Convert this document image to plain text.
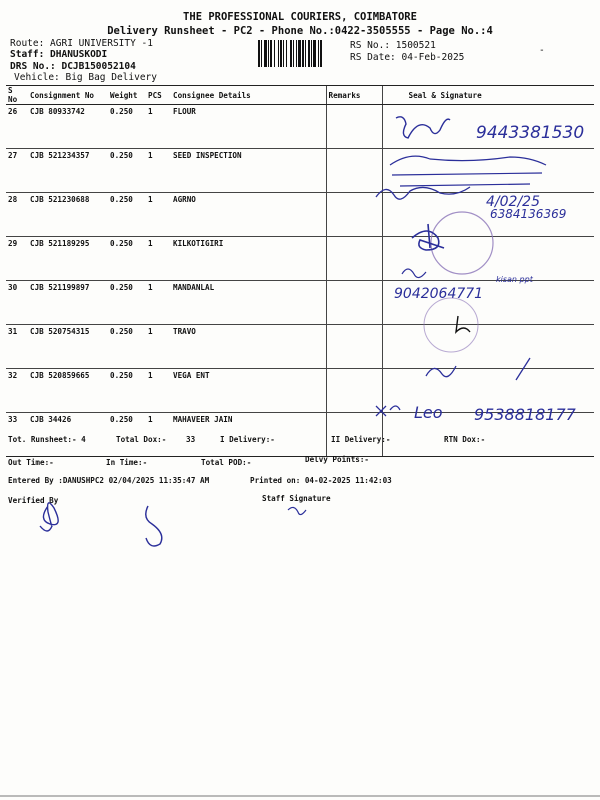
THE PROFESSIONAL COURIERS, COIMBATORE
Delivery Runsheet - PC2 - Phone No.:0422-3505555 - Page No.:4
Route: AGRI UNIVERSITY -1
Staff: DHANUSKODI
DRS No.: DCJB150052104
Vehicle: Big Bag Delivery
RS No.: 1500521
RS Date: 04-Feb-2025
-
S No	Consignment No	Weight	PCS	Consignee Details	Remarks	Seal & Signature
26	CJB 80933742	0.250	1	FLOUR		
27	CJB 521234357	0.250	1	SEED INSPECTION		
28	CJB 521230688	0.250	1	AGRNO		
29	CJB 521189295	0.250	1	KILKOTIGIRI		
30	CJB 521199897	0.250	1	MANDANLAL		
31	CJB 520754315	0.250	1	TRAVO		
32	CJB 520859665	0.250	1	VEGA ENT		
33	CJB 34426	0.250	1	MAHAVEER JAIN		
Tot. Runsheet:- 4	Total Dox:-	33	I Delivery:-	II Delivery:-	RTN Dox:-
Out Time:-	In Time:-	Total POD:-	Delvy Points:-
Entered By :DANUSHPC2 02/04/2025 11:35:47 AM	Printed on: 04-02-2025 11:42:03
Verified By	Staff Signature
9443381530
4/02/25
6384136369
kisan ppt
9042064771
Leo 9538818177
